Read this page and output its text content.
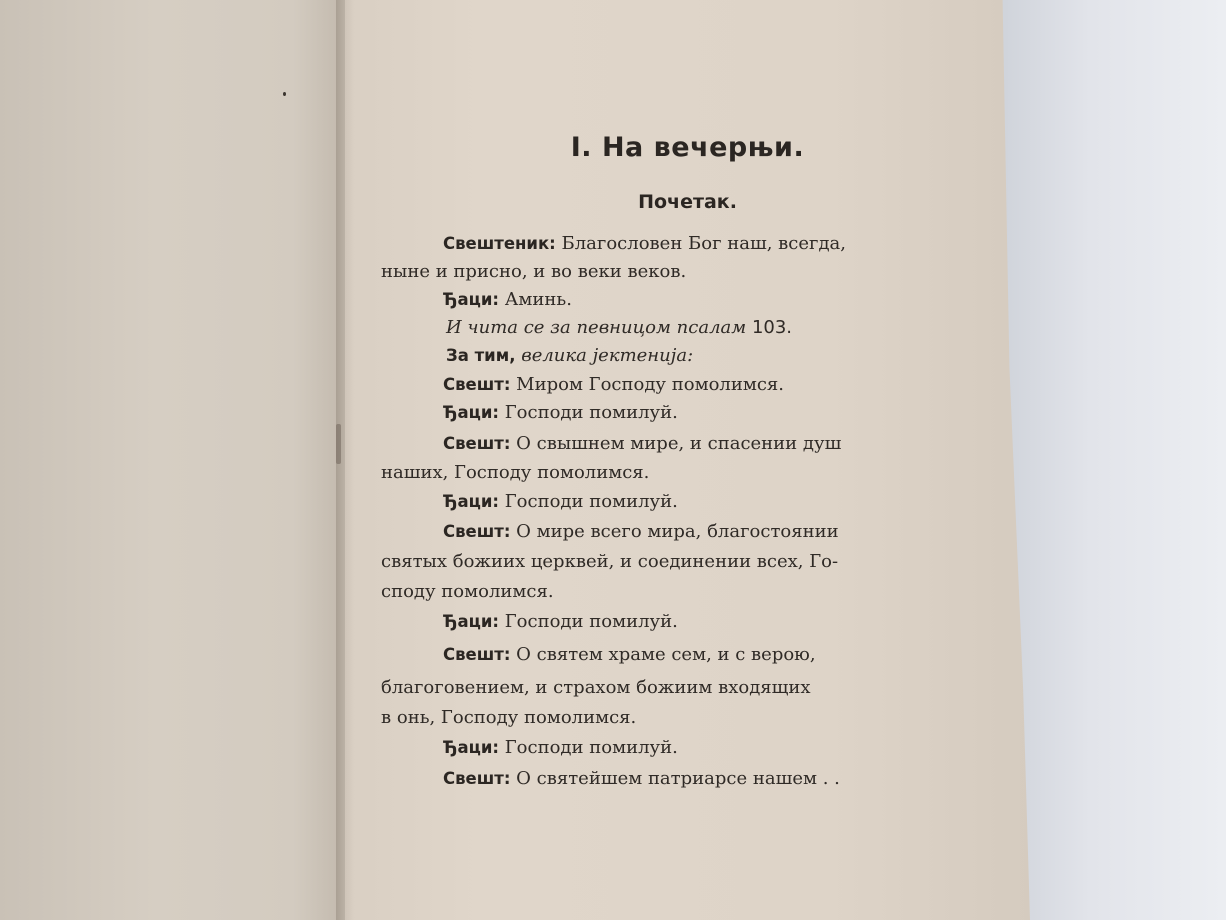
I. На вечерњи.
Почетак.
Свештеник: Благословен Бог наш, всегда,
ныне и присно, и во веки веков.
Ђаци: Аминь.
И чита се за певницом псалам 103.
За тим, велика јектенија:
Свешт: Миром Господу помолимся.
Ђаци: Господи помилуй.
Свешт: О свышнем мире, и спасении душ
наших, Господу помолимся.
Ђаци: Господи помилуй.
Свешт: О мире всего мира, благостоянии
святых божиих церквей, и соединении всех, Го-
споду помолимся.
Ђаци: Господи помилуй.
Свешт: О святем храме сем, и с верою,
благоговением, и страхом божиим входящих
в онь, Господу помолимся.
Ђаци: Господи помилуй.
Свешт: О святейшем патриарсе нашем . .
